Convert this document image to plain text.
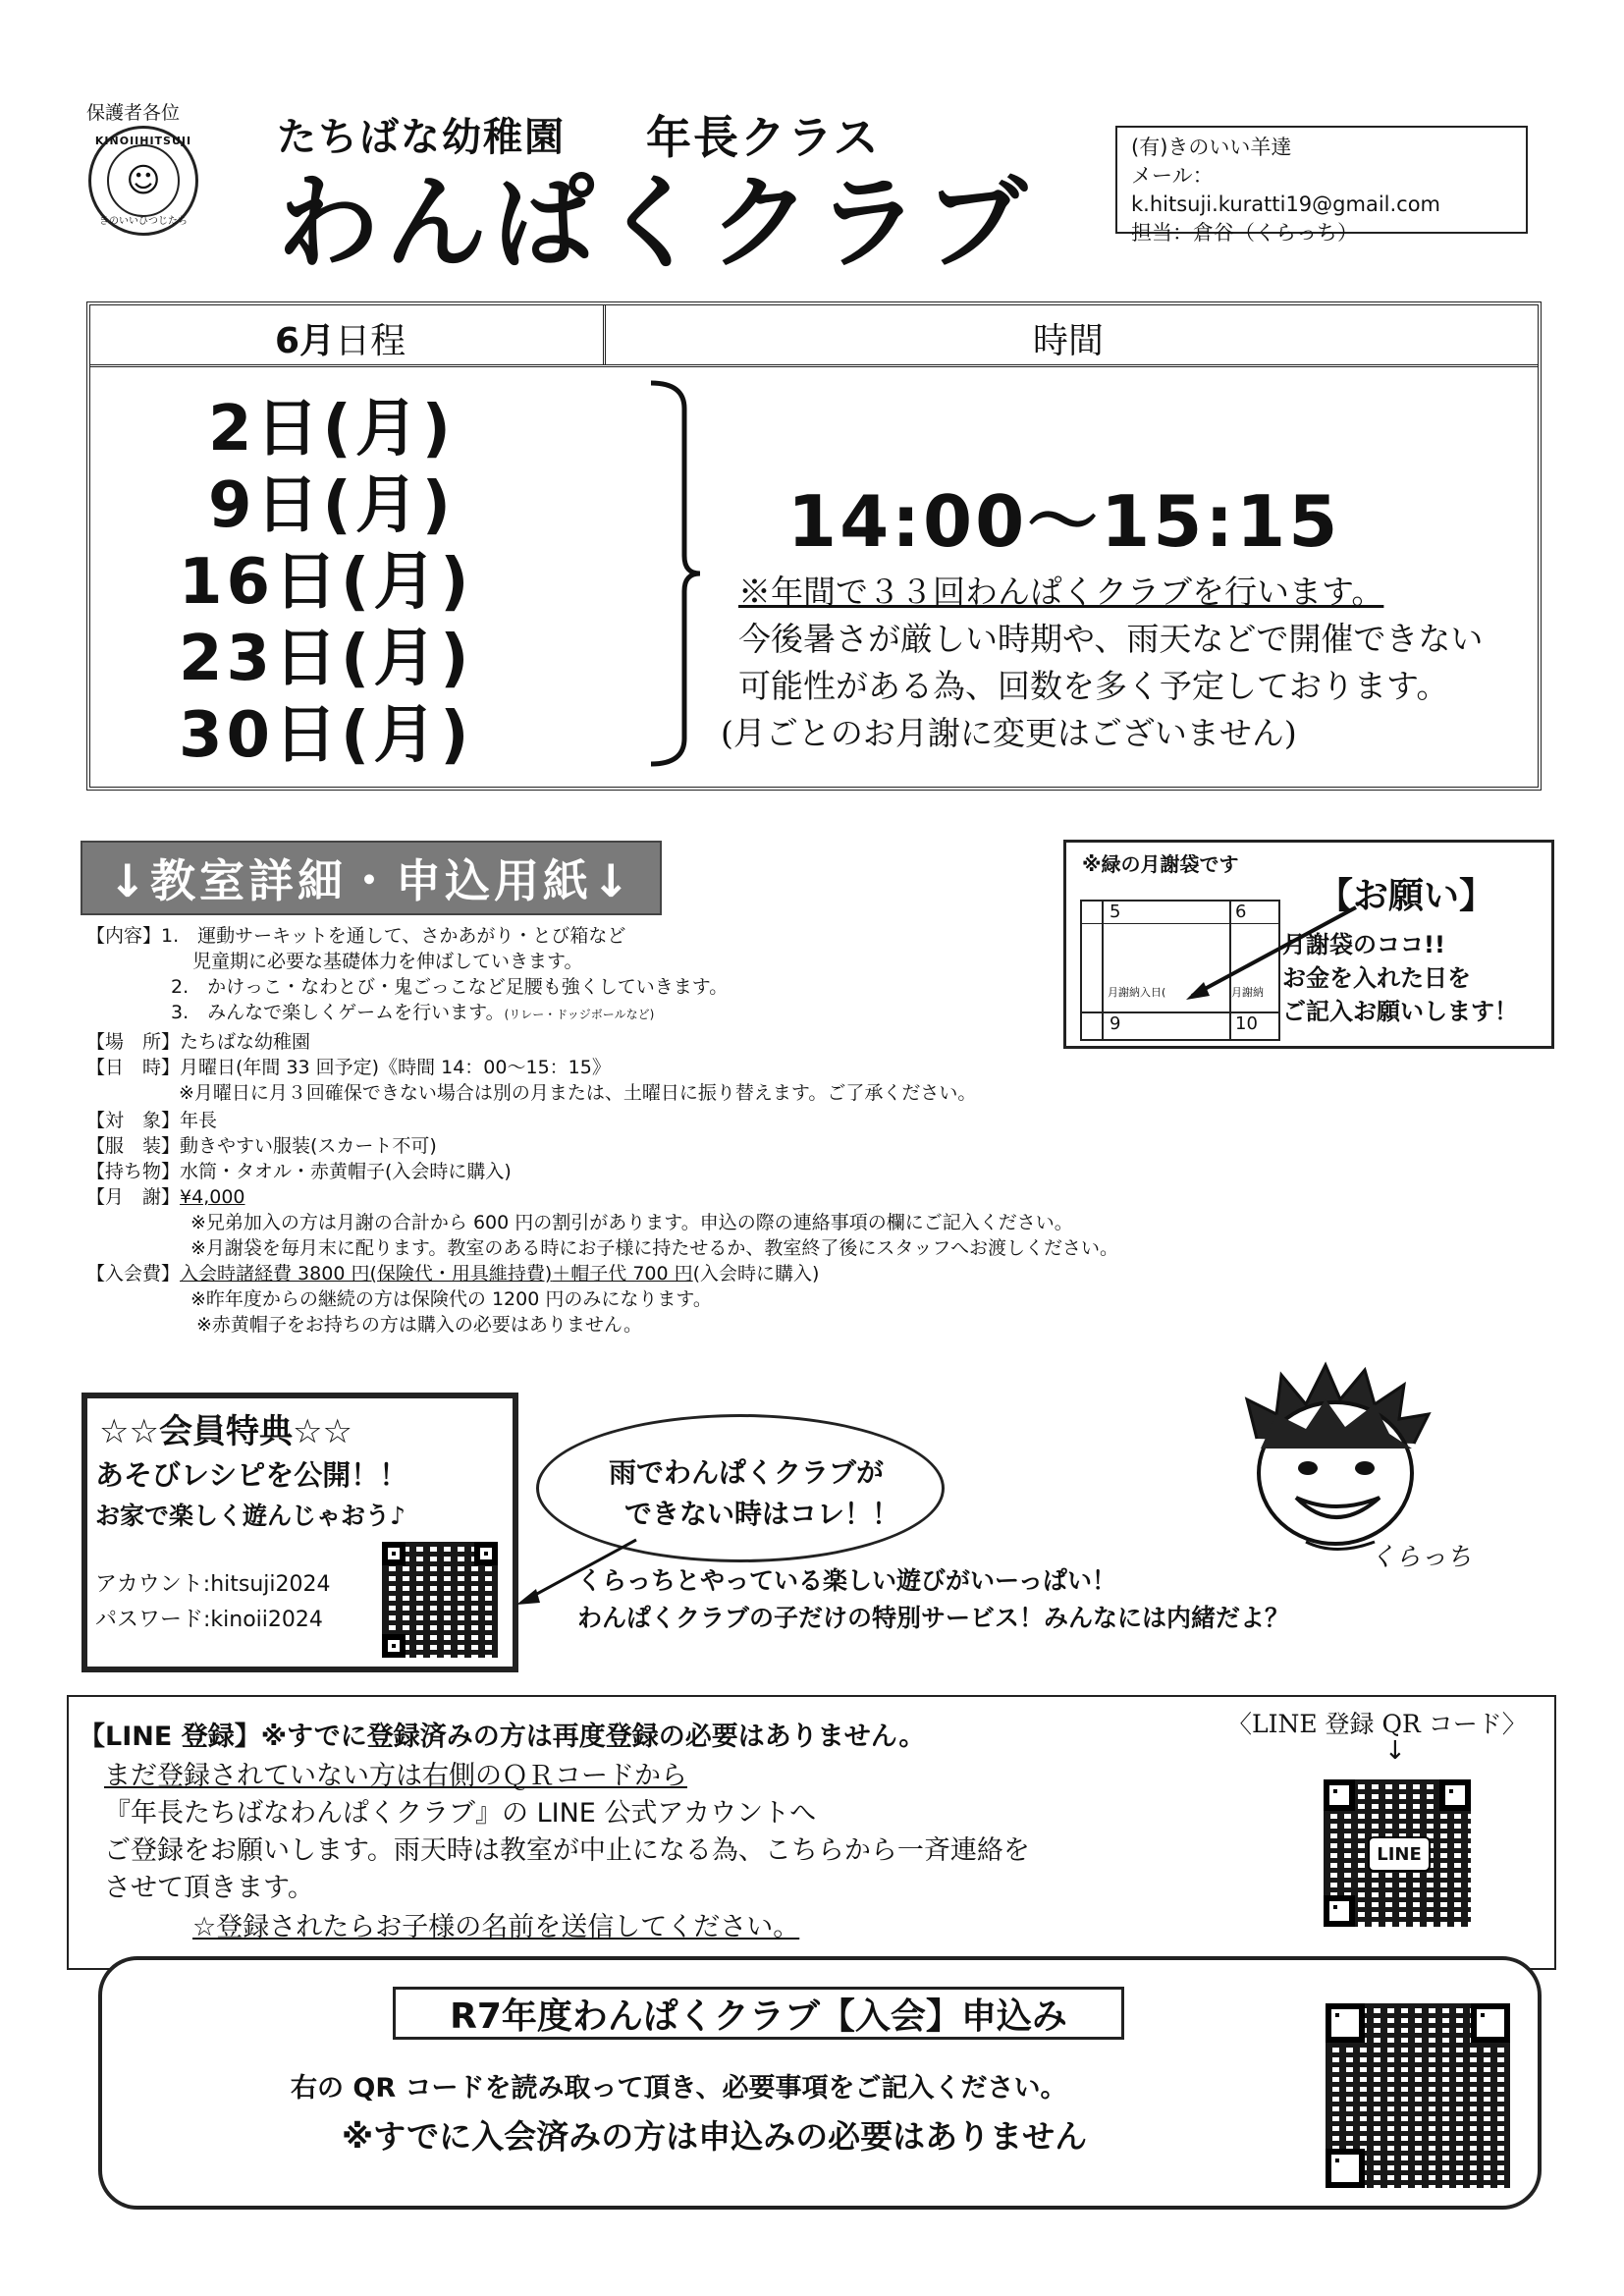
保護者各位
☺
KINOIIHITSUJI
きのいいひつじたち
たちばな幼稚園 年長クラス
わんぱくクラブ
(有)きのいい羊達
メール：k.hitsuji.kuratti19@gmail.com
担当：倉谷（くらっち）
6月日程	時間
2日(月)
9日(月)
16日(月)
23日(月)
30日(月)
14:00～15:15
※年間で３３回わんぱくクラブを行います。
今後暑さが厳しい時期や、雨天などで開催できない
可能性がある為、回数を多く予定しております。
(月ごとのお月謝に変更はございません)
↓教室詳細・申込用紙↓
【内容】1.　運動サーキットを通して、さかあがり・とび箱など
児童期に必要な基礎体力を伸ばしていきます。
2.　かけっこ・なわとび・鬼ごっこなど足腰も強くしていきます。
3.　みんなで楽しくゲームを行います。(リレー・ドッジボールなど)
【場　所】たちばな幼稚園
【日　時】月曜日(年間 33 回予定)《時間 14：00～15：15》
※月曜日に月３回確保できない場合は別の月または、土曜日に振り替えます。ご了承ください。
【対　象】年長
【服　装】動きやすい服装(スカート不可)
【持ち物】水筒・タオル・赤黄帽子(入会時に購入)
【月　謝】¥4,000
※兄弟加入の方は月謝の合計から 600 円の割引があります。申込の際の連絡事項の欄にご記入ください。
※月謝袋を毎月末に配ります。教室のある時にお子様に持たせるか、教室終了後にスタッフへお渡しください。
【入会費】入会時諸経費 3800 円(保険代・用具維持費)＋帽子代 700 円(入会時に購入)
※昨年度からの継続の方は保険代の 1200 円のみになります。
※赤黄帽子をお持ちの方は購入の必要はありません。
※緑の月謝袋です
5	6
9	10
月謝納入日(	月謝納
【お願い】
月謝袋のココ!!
お金を入れた日を
ご記入お願いします！
☆☆会員特典☆☆
あそびレシピを公開！！
お家で楽しく遊んじゃおう♪
アカウント:hitsuji2024
パスワード:kinoii2024
雨でわんぱくクラブが
できない時はコレ！！
くらっちとやっている楽しい遊びがいーっぱい！
わんぱくクラブの子だけの特別サービス！みんなには内緒だよ？
くらっち
【LINE 登録】※すでに登録済みの方は再度登録の必要はありません。
まだ登録されていない方は右側のＱＲコードから
『年長たちばなわんぱくクラブ』の LINE 公式アカウントへ
ご登録をお願いします。雨天時は教室が中止になる為、こちらから一斉連絡を
させて頂きます。
☆登録されたらお子様の名前を送信してください。
〈LINE 登録 QR コード〉
↓
LINE
R7年度わんぱくクラブ【入会】申込み
右の QR コードを読み取って頂き、必要事項をご記入ください。
※すでに入会済みの方は申込みの必要はありません
